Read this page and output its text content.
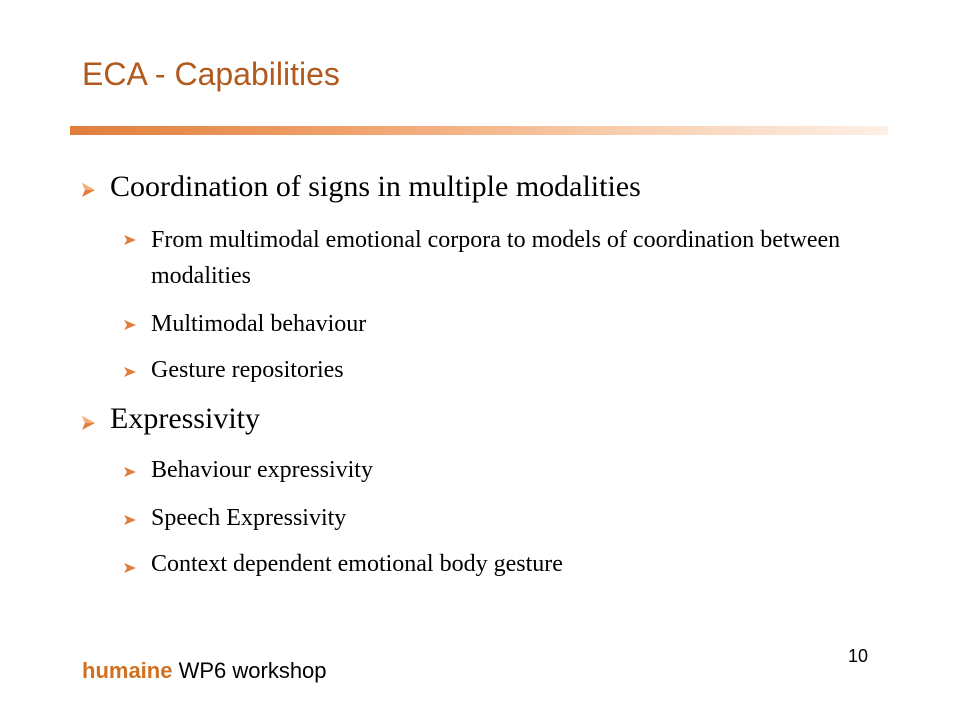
ECA - Capabilities
Coordination of signs in multiple modalities
From multimodal emotional corpora to models of coordination between modalities
Multimodal behaviour
Gesture repositories
Expressivity
Behaviour expressivity
Speech Expressivity
Context dependent emotional body gesture
humaine WP6 workshop
10
